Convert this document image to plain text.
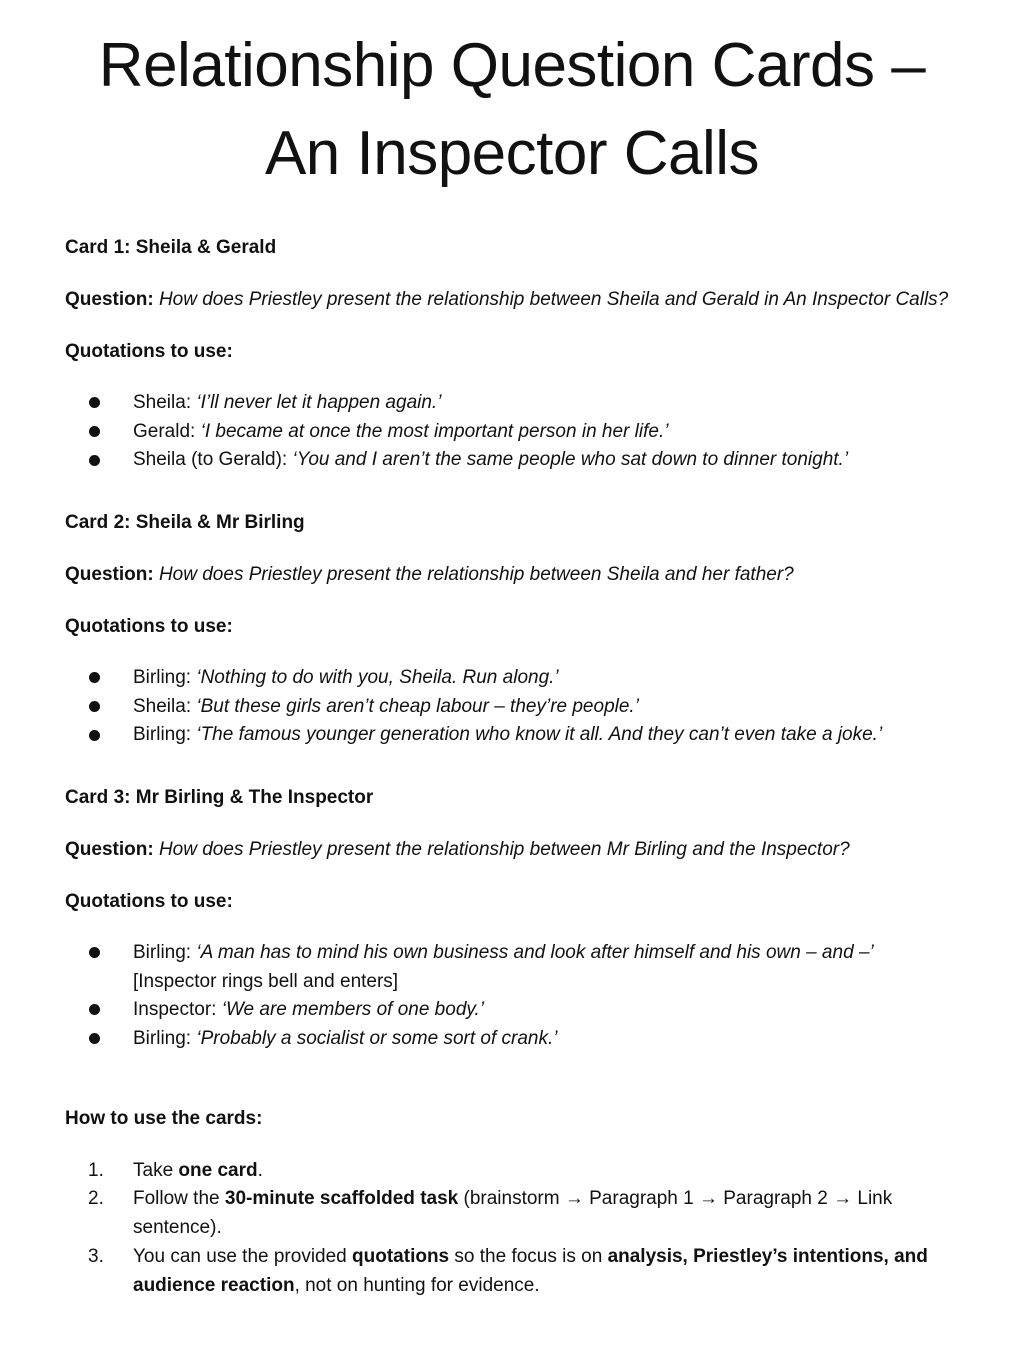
Relationship Question Cards –
An Inspector Calls
Card 1: Sheila & Gerald
Question: How does Priestley present the relationship between Sheila and Gerald in An Inspector Calls?
Quotations to use:
Sheila: ‘I’ll never let it happen again.’
Gerald: ‘I became at once the most important person in her life.’
Sheila (to Gerald): ‘You and I aren’t the same people who sat down to dinner tonight.’
Card 2: Sheila & Mr Birling
Question: How does Priestley present the relationship between Sheila and her father?
Quotations to use:
Birling: ‘Nothing to do with you, Sheila. Run along.’
Sheila: ‘But these girls aren’t cheap labour – they’re people.’
Birling: ‘The famous younger generation who know it all. And they can’t even take a joke.’
Card 3: Mr Birling & The Inspector
Question: How does Priestley present the relationship between Mr Birling and the Inspector?
Quotations to use:
Birling: ‘A man has to mind his own business and look after himself and his own – and –’
[Inspector rings bell and enters]
Inspector: ‘We are members of one body.’
Birling: ‘Probably a socialist or some sort of crank.’
How to use the cards:
1. Take one card.
2. Follow the 30-minute scaffolded task (brainstorm → Paragraph 1 → Paragraph 2 → Link
sentence).
3. You can use the provided quotations so the focus is on analysis, Priestley’s intentions, and
audience reaction, not on hunting for evidence.
